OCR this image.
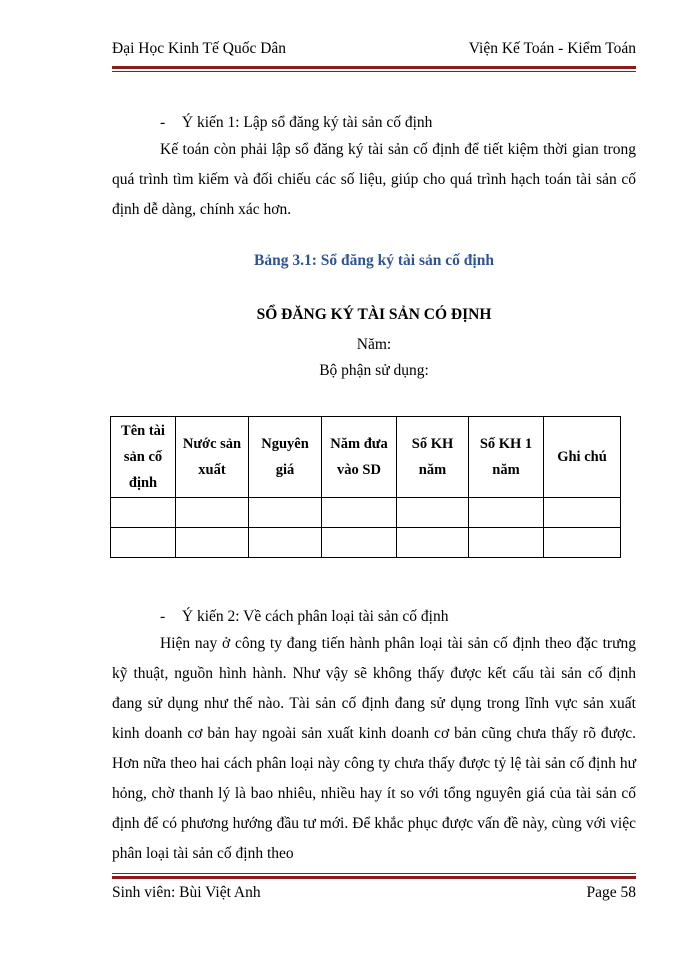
Đại Học Kinh Tế Quốc Dân	Viện Kế Toán - Kiểm Toán
- Ý kiến 1: Lập sổ đăng ký tài sản cố định
Kế toán còn phải lập sổ đăng ký tài sản cố định để tiết kiệm thời gian trong quá trình tìm kiếm và đối chiếu các số liệu, giúp cho quá trình hạch toán tài sản cố định dễ dàng, chính xác hơn.
Bảng 3.1: Sổ đăng ký tài sản cố định
SỔ ĐĂNG KÝ TÀI SẢN CÓ ĐỊNH
Năm:
Bộ phận sử dụng:
Tên tài sản cố định	Nước sản xuất	Nguyên giá	Năm đưa vào SD	Số KH năm	Số KH 1 năm	Ghi chú

- Ý kiến 2: Về cách phân loại tài sản cố định
Hiện nay ở công ty đang tiến hành phân loại tài sản cố định theo đặc trưng kỹ thuật, nguồn hình hành. Như vậy sẽ không thấy được kết cấu tài sản cố định đang sử dụng như thế nào. Tài sản cố định đang sử dụng trong lĩnh vực sản xuất kinh doanh cơ bản hay ngoài sản xuất kinh doanh cơ bản cũng chưa thấy rõ được. Hơn nữa theo hai cách phân loại này công ty chưa thấy được tỷ lệ tài sản cố định hư hỏng, chờ thanh lý là bao nhiêu, nhiều hay ít so với tổng nguyên giá của tài sản cố định để có phương hướng đầu tư mới. Để khắc phục được vấn đề này, cùng với việc phân loại tài sản cố định theo
Sinh viên: Bùi Việt Anh	Page 58
